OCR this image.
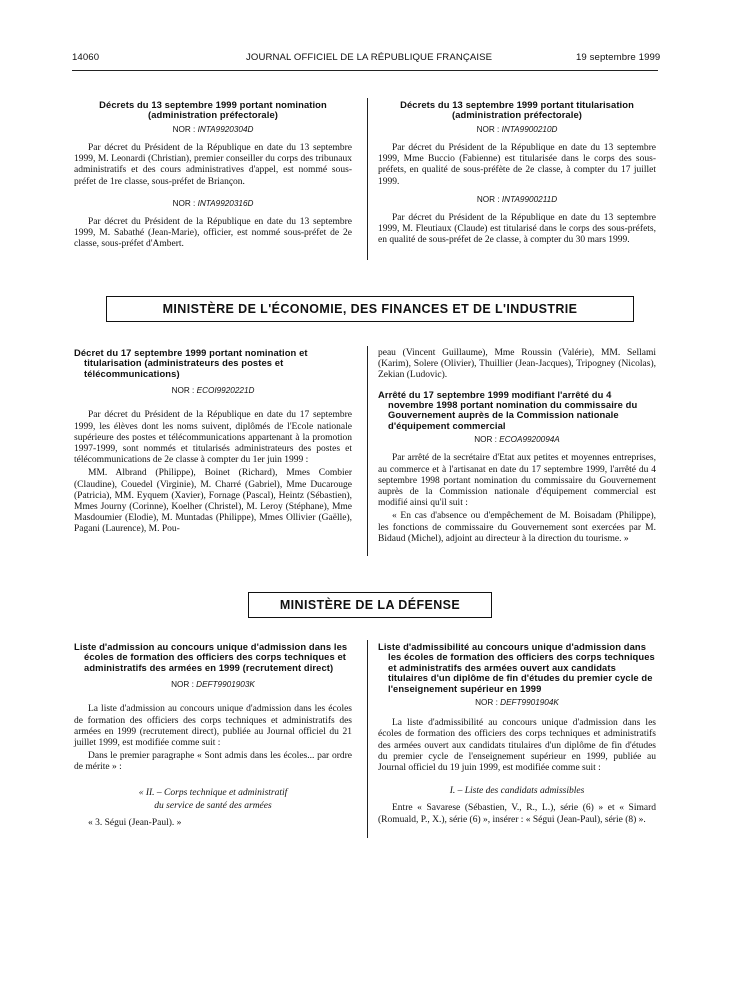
14060	JOURNAL OFFICIEL DE LA RÉPUBLIQUE FRANÇAISE	19 septembre 1999
Décrets du 13 septembre 1999 portant nomination (administration préfectorale)
NOR : INTA9920304D

Par décret du Président de la République en date du 13 septembre 1999, M. Leonardi (Christian), premier conseiller du corps des tribunaux administratifs et des cours administratives d'appel, est nommé sous-préfet de 1re classe, sous-préfet de Briançon.

NOR : INTA9920316D

Par décret du Président de la République en date du 13 septembre 1999, M. Sabathé (Jean-Marie), officier, est nommé sous-préfet de 2e classe, sous-préfet d'Ambert.

Décrets du 13 septembre 1999 portant titularisation (administration préfectorale)
NOR : INTA9900210D

Par décret du Président de la République en date du 13 septembre 1999, Mme Buccio (Fabienne) est titularisée dans le corps des sous-préfets, en qualité de sous-préfète de 2e classe, à compter du 17 juillet 1999.

NOR : INTA9900211D

Par décret du Président de la République en date du 13 septembre 1999, M. Fleutiaux (Claude) est titularisé dans le corps des sous-préfets, en qualité de sous-préfet de 2e classe, à compter du 30 mars 1999.

MINISTÈRE DE L'ÉCONOMIE, DES FINANCES ET DE L'INDUSTRIE
Décret du 17 septembre 1999 portant nomination et titularisation (administrateurs des postes et télécommunications)
NOR : ECOI9920221D

Par décret du Président de la République en date du 17 septembre 1999, les élèves dont les noms suivent, diplômés de l'Ecole nationale supérieure des postes et télécommunications appartenant à la promotion 1997-1999, sont nommés et titularisés administrateurs des postes et télécommunications de 2e classe à compter du 1er juin 1999 :

MM. Albrand (Philippe), Boinet (Richard), Mmes Combier (Claudine), Couedel (Virginie), M. Charré (Gabriel), Mme Ducarouge (Patricia), MM. Eyquem (Xavier), Fornage (Pascal), Heintz (Sébastien), Mmes Journy (Corinne), Koelher (Christel), M. Leroy (Stéphane), Mme Masdoumier (Elodie), M. Muntadas (Philippe), Mmes Ollivier (Gaëlle), Pagani (Laurence), M. Pou-

peau (Vincent Guillaume), Mme Roussin (Valérie), MM. Sellami (Karim), Solere (Olivier), Thuillier (Jean-Jacques), Tripogney (Nicolas), Zekian (Ludovic).

Arrêté du 17 septembre 1999 modifiant l'arrêté du 4 novembre 1998 portant nomination du commissaire du Gouvernement auprès de la Commission nationale d'équipement commercial
NOR : ECOA9920094A

Par arrêté de la secrétaire d'Etat aux petites et moyennes entreprises, au commerce et à l'artisanat en date du 17 septembre 1999, l'arrêté du 4 septembre 1998 portant nomination du commissaire du Gouvernement auprès de la Commission nationale d'équipement commercial est modifié ainsi qu'il suit :

« En cas d'absence ou d'empêchement de M. Boisadam (Philippe), les fonctions de commissaire du Gouvernement sont exercées par M. Bidaud (Michel), adjoint au directeur à la direction du tourisme. »

MINISTÈRE DE LA DÉFENSE
Liste d'admission au concours unique d'admission dans les écoles de formation des officiers des corps techniques et administratifs des armées en 1999 (recrutement direct)
NOR : DEFT9901903K

La liste d'admission au concours unique d'admission dans les écoles de formation des officiers des corps techniques et administratifs des armées en 1999 (recrutement direct), publiée au Journal officiel du 21 juillet 1999, est modifiée comme suit :

Dans le premier paragraphe « Sont admis dans les écoles... par ordre de mérite » :

« II. – Corps technique et administratif

du service de santé des armées

« 3. Ségui (Jean-Paul). »

Liste d'admissibilité au concours unique d'admission dans les écoles de formation des officiers des corps techniques et administratifs des armées ouvert aux candidats titulaires d'un diplôme de fin d'études du premier cycle de l'enseignement supérieur en 1999
NOR : DEFT9901904K

La liste d'admissibilité au concours unique d'admission dans les écoles de formation des officiers des corps techniques et administratifs des armées ouvert aux candidats titulaires d'un diplôme de fin d'études du premier cycle de l'enseignement supérieur en 1999, publiée au Journal officiel du 19 juin 1999, est modifiée comme suit :

I. – Liste des candidats admissibles

Entre « Savarese (Sébastien, V., R., L.), série (6) » et « Simard (Romuald, P., X.), série (6) », insérer : « Ségui (Jean-Paul), série (8) ».
